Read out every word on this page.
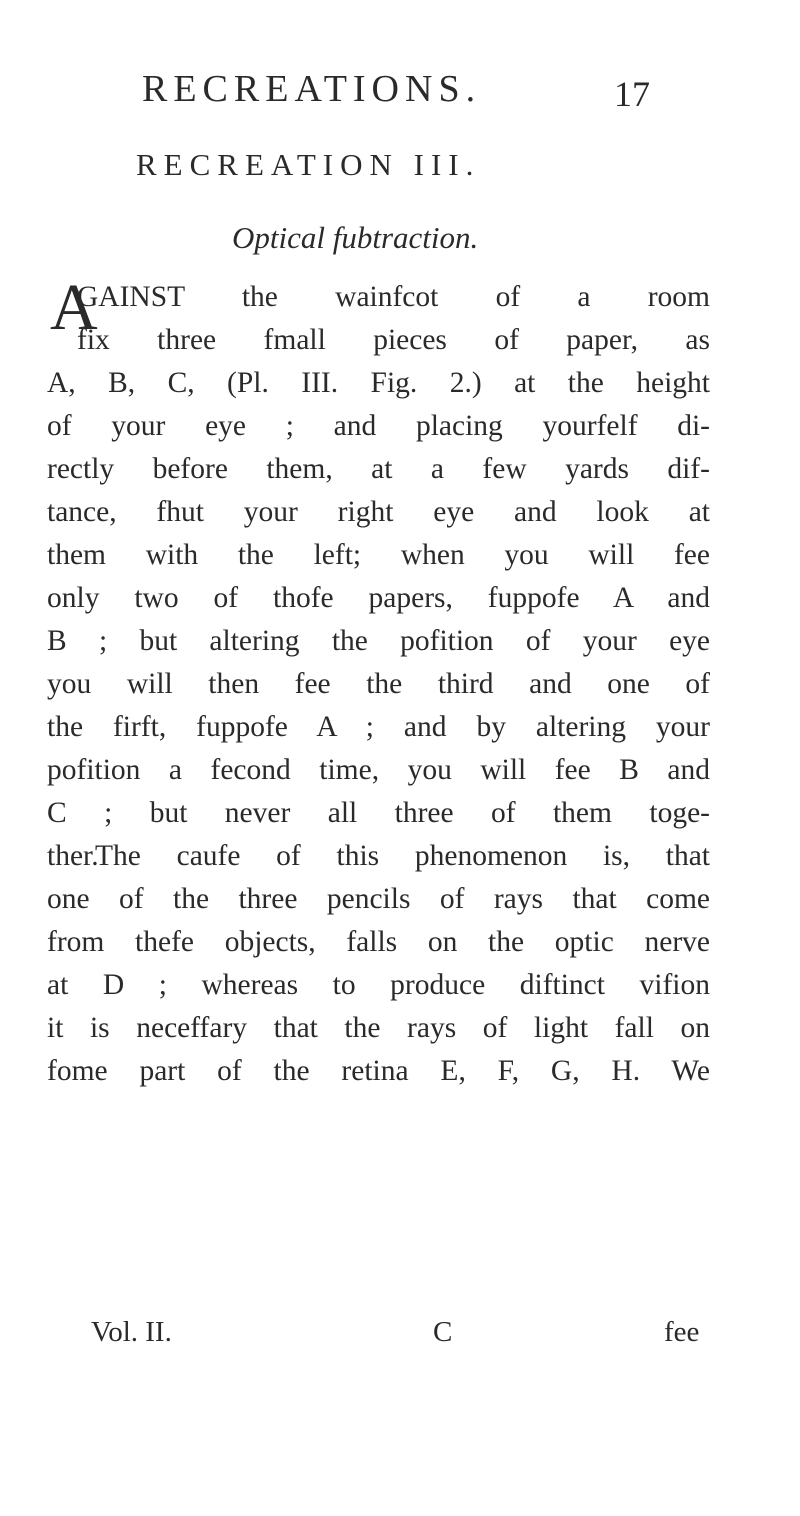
RECREATIONS.	17
RECREATION III.
Optical fubtraction.
A
GAINST the wainfcot of a room
fix three fmall pieces of paper, as
A, B, C, (Pl. III. Fig. 2.) at the height
of your eye ; and placing yourfelf di-
rectly before them, at a few yards dif-
tance, fhut your right eye and look at
them with the left; when you will fee
only two of thofe papers, fuppofe A and
B ; but altering the pofition of your eye
you will then fee the third and one of
the firft, fuppofe A ; and by altering your
pofition a fecond time, you will fee B and
C ; but never all three of them toge-
ther.
The caufe of this phenomenon is, that
one of the three pencils of rays that come
from thefe objects, falls on the optic nerve
at D ; whereas to produce diftinct vifion
it is neceffary that the rays of light fall on
fome part of the retina E, F, G, H. We
Vol. II.	C	fee
